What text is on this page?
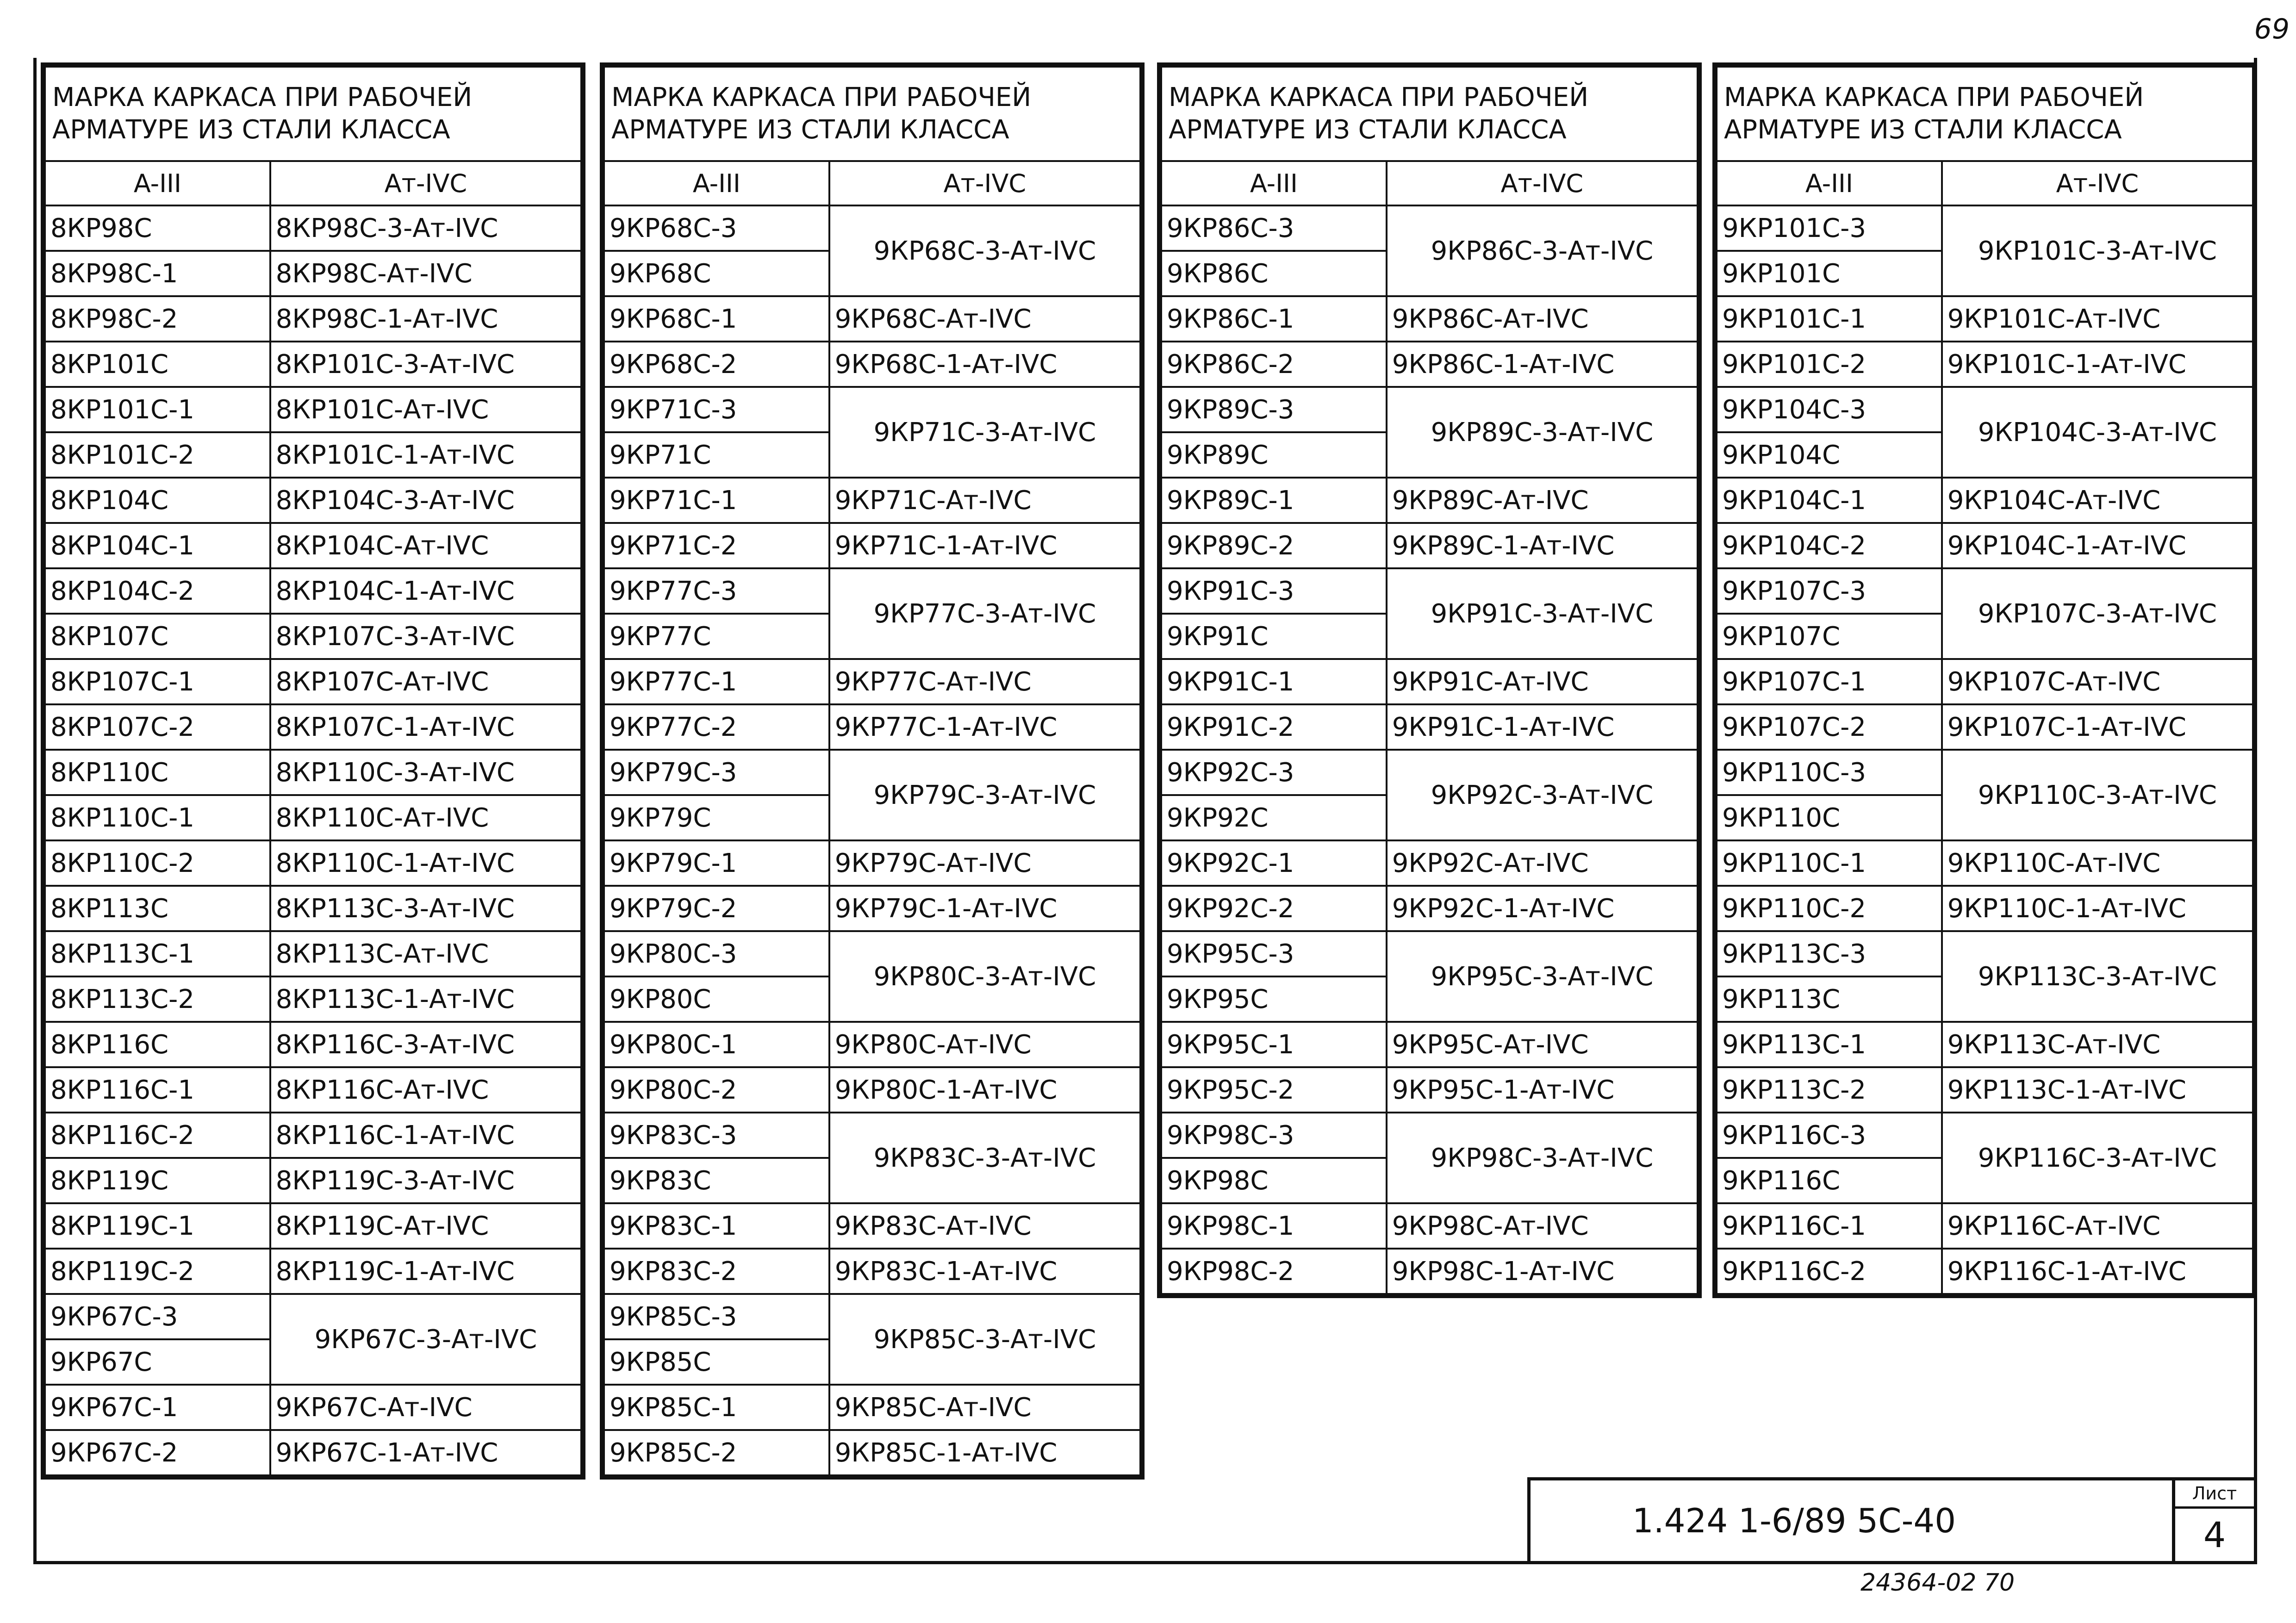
69
МАРКА КАРКАСА ПРИ РАБОЧЕЙ АРМАТУРЕ ИЗ СТАЛИ КЛАССА	
A-III	Aт-IVC
8КР98С	8КР98С-3-Ат-IVC
8КР98С-1	8КР98С-Ат-IVC
8КР98С-2	8КР98С-1-Ат-IVC
8КР101С	8КР101С-3-Ат-IVC
8КР101С-1	8КР101С-Ат-IVC
8КР101С-2	8КР101С-1-Ат-IVC
8КР104С	8КР104С-3-Ат-IVC
8КР104С-1	8КР104С-Ат-IVC
8КР104С-2	8КР104С-1-Ат-IVC
8КР107С	8КР107С-3-Ат-IVC
8КР107С-1	8КР107С-Ат-IVC
8КР107С-2	8КР107С-1-Ат-IVC
8КР110С	8КР110С-3-Ат-IVC
8КР110С-1	8КР110С-Ат-IVC
8КР110С-2	8КР110С-1-Ат-IVC
8КР113С	8КР113С-3-Ат-IVC
8КР113С-1	8КР113С-Ат-IVC
8КР113С-2	8КР113С-1-Ат-IVC
8КР116С	8КР116С-3-Ат-IVC
8КР116С-1	8КР116С-Ат-IVC
8КР116С-2	8КР116С-1-Ат-IVC
8КР119С	8КР119С-3-Ат-IVC
8КР119С-1	8КР119С-Ат-IVC
8КР119С-2	8КР119С-1-Ат-IVC
9КР67С-3	9КР67С-3-Ат-IVC
9КР67С	
9КР67С-1	9КР67С-Ат-IVC
9КР67С-2	9КР67С-1-Ат-IVC
МАРКА КАРКАСА ПРИ РАБОЧЕЙ АРМАТУРЕ ИЗ СТАЛИ КЛАССА	
A-III	Aт-IVC
9КР68С-3	9КР68С-3-Ат-IVC
9КР68С	
9КР68С-1	9КР68С-Ат-IVC
9КР68С-2	9КР68С-1-Ат-IVC
9КР71С-3	9КР71С-3-Ат-IVC
9КР71С	
9КР71С-1	9КР71С-Ат-IVC
9КР71С-2	9КР71С-1-Ат-IVC
9КР77С-3	9КР77С-3-Ат-IVC
9КР77С	
9КР77С-1	9КР77С-Ат-IVC
9КР77С-2	9КР77С-1-Ат-IVC
9КР79С-3	9КР79С-3-Ат-IVC
9КР79С	
9КР79С-1	9КР79С-Ат-IVC
9КР79С-2	9КР79С-1-Ат-IVC
9КР80С-3	9КР80С-3-Ат-IVC
9КР80С	
9КР80С-1	9КР80С-Ат-IVC
9КР80С-2	9КР80С-1-Ат-IVC
9КР83С-3	9КР83С-3-Ат-IVC
9КР83С	
9КР83С-1	9КР83С-Ат-IVC
9КР83С-2	9КР83С-1-Ат-IVC
9КР85С-3	9КР85С-3-Ат-IVC
9КР85С	
9КР85С-1	9КР85С-Ат-IVC
9КР85С-2	9КР85С-1-Ат-IVC
МАРКА КАРКАСА ПРИ РАБОЧЕЙ АРМАТУРЕ ИЗ СТАЛИ КЛАССА	
A-III	Aт-IVC
9КР86С-3	9КР86С-3-Ат-IVC
9КР86С	
9КР86С-1	9КР86С-Ат-IVC
9КР86С-2	9КР86С-1-Ат-IVC
9КР89С-3	9КР89С-3-Ат-IVC
9КР89С	
9КР89С-1	9КР89С-Ат-IVC
9КР89С-2	9КР89С-1-Ат-IVC
9КР91С-3	9КР91С-3-Ат-IVC
9КР91С	
9КР91С-1	9КР91С-Ат-IVC
9КР91С-2	9КР91С-1-Ат-IVC
9КР92С-3	9КР92С-3-Ат-IVC
9КР92С	
9КР92С-1	9КР92С-Ат-IVC
9КР92С-2	9КР92С-1-Ат-IVC
9КР95С-3	9КР95С-3-Ат-IVC
9КР95С	
9КР95С-1	9КР95С-Ат-IVC
9КР95С-2	9КР95С-1-Ат-IVC
9КР98С-3	9КР98С-3-Ат-IVC
9КР98С	
9КР98С-1	9КР98С-Ат-IVC
9КР98С-2	9КР98С-1-Ат-IVC
МАРКА КАРКАСА ПРИ РАБОЧЕЙ АРМАТУРЕ ИЗ СТАЛИ КЛАССА	
A-III	Aт-IVC
9КР101С-3	9КР101С-3-Ат-IVC
9КР101С	
9КР101С-1	9КР101С-Ат-IVC
9КР101С-2	9КР101С-1-Ат-IVC
9КР104С-3	9КР104С-3-Ат-IVC
9КР104С	
9КР104С-1	9КР104С-Ат-IVC
9КР104С-2	9КР104С-1-Ат-IVC
9КР107С-3	9КР107С-3-Ат-IVC
9КР107С	
9КР107С-1	9КР107С-Ат-IVC
9КР107С-2	9КР107С-1-Ат-IVC
9КР110С-3	9КР110С-3-Ат-IVC
9КР110С	
9КР110С-1	9КР110С-Ат-IVC
9КР110С-2	9КР110С-1-Ат-IVC
9КР113С-3	9КР113С-3-Ат-IVC
9КР113С	
9КР113С-1	9КР113С-Ат-IVC
9КР113С-2	9КР113С-1-Ат-IVC
9КР116С-3	9КР116С-3-Ат-IVC
9КР116С	
9КР116С-1	9КР116С-Ат-IVC
9КР116С-2	9КР116С-1-Ат-IVC
1.424 1-6/89 5С-40
Лист
4
24364-02 70
